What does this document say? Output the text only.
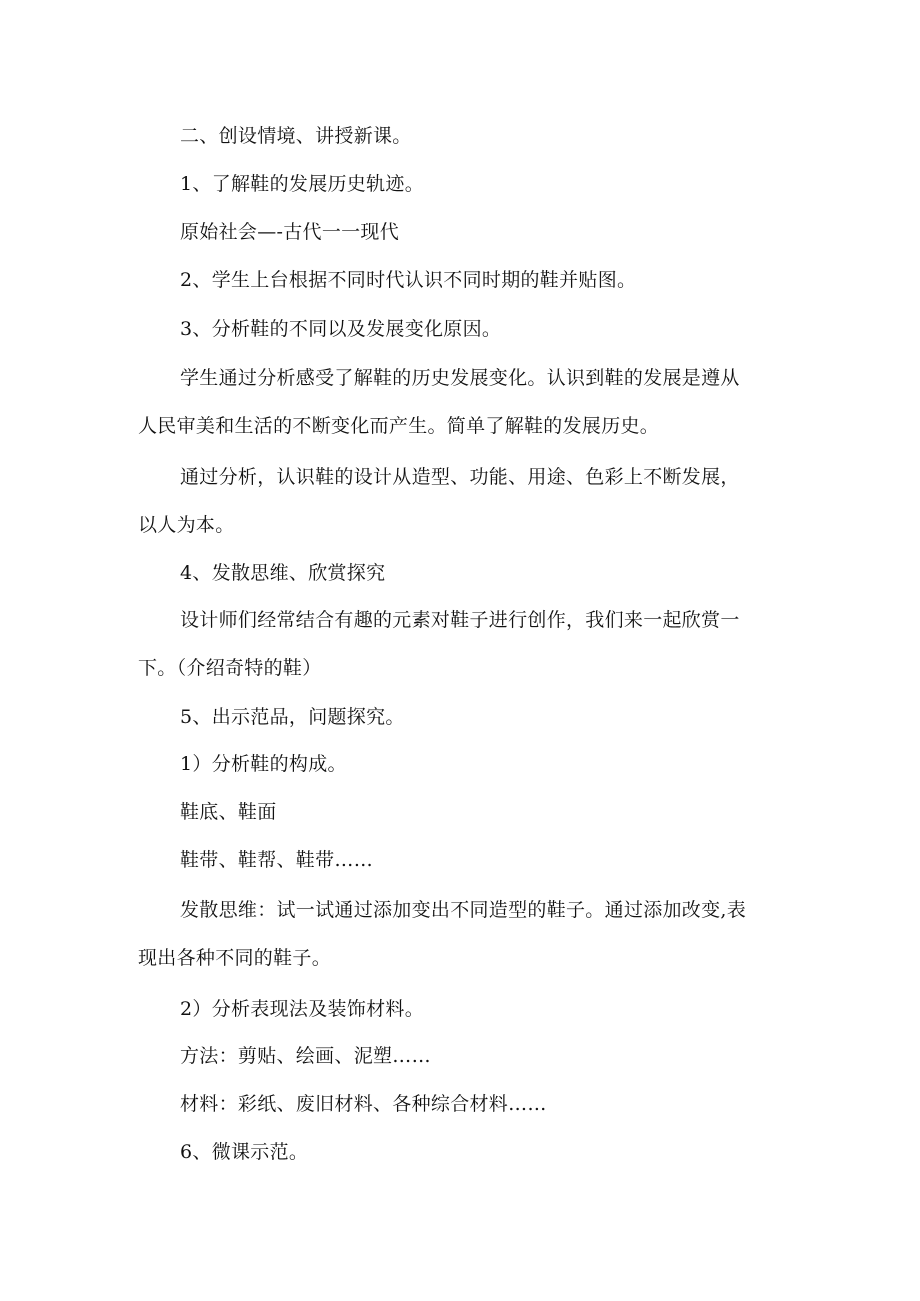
二、创设情境、讲授新课。
1、了解鞋的发展历史轨迹。
原始社会—-古代一一现代
2、学生上台根据不同时代认识不同时期的鞋并贴图。
3、分析鞋的不同以及发展变化原因。
学生通过分析感受了解鞋的历史发展变化。认识到鞋的发展是遵从
人民审美和生活的不断变化而产生。简单了解鞋的发展历史。
通过分析，认识鞋的设计从造型、功能、用途、色彩上不断发展，
以人为本。
4、发散思维、欣赏探究
设计师们经常结合有趣的元素对鞋子进行创作，我们来一起欣赏一
下。（介绍奇特的鞋）
5、出示范品，问题探究。
1）分析鞋的构成。
鞋底、鞋面
鞋带、鞋帮、鞋带……
发散思维：试一试通过添加变出不同造型的鞋子。通过添加改变,表
现出各种不同的鞋子。
2）分析表现法及装饰材料。
方法：剪贴、绘画、泥塑……
材料：彩纸、废旧材料、各种综合材料……
6、微课示范。
